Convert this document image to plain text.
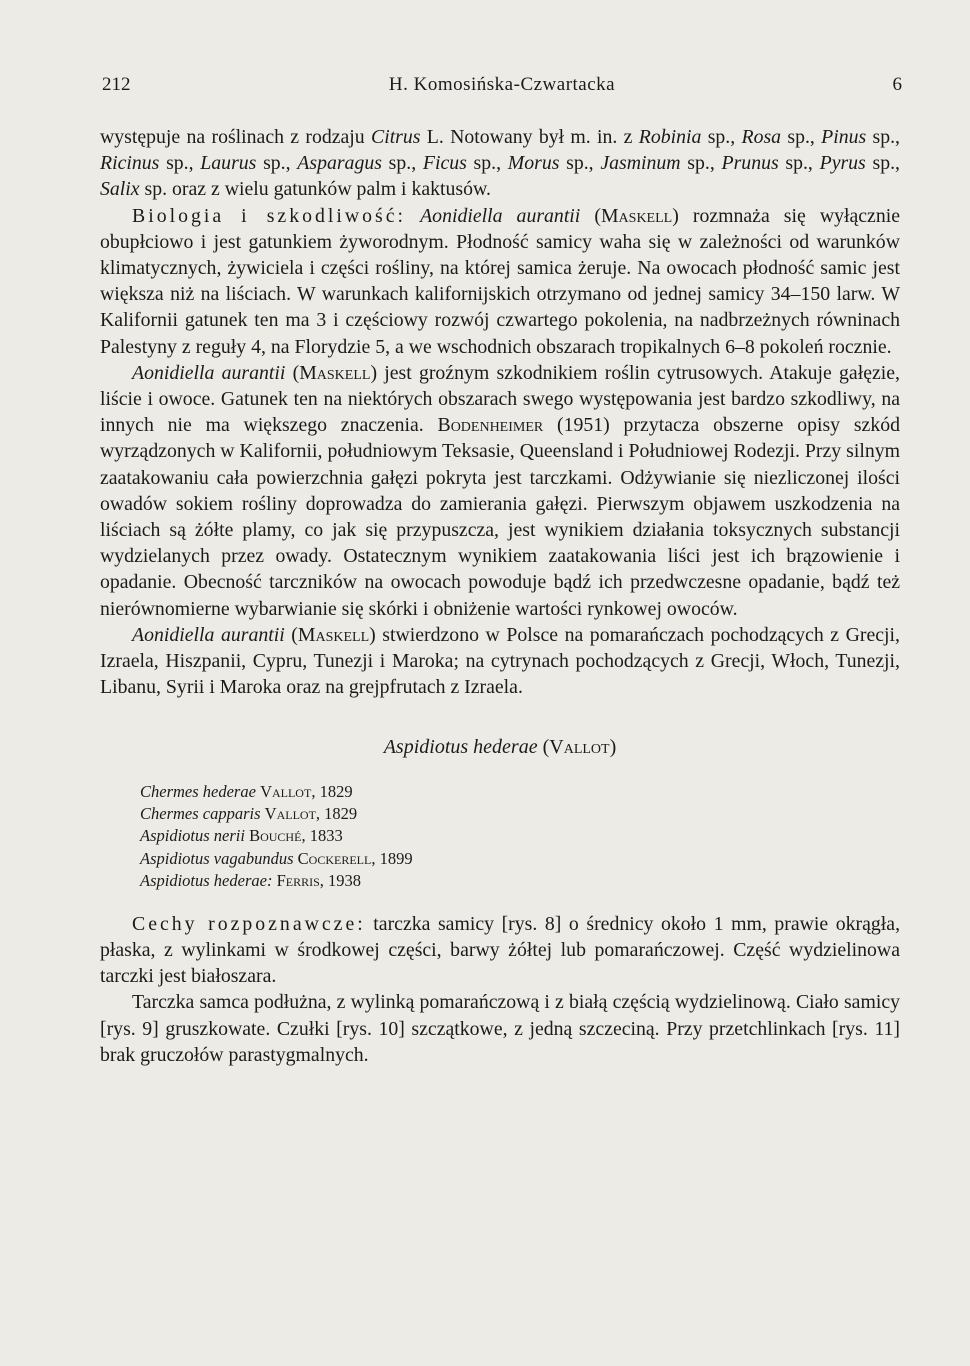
212	H. Komosińska-Czwartacka	6

występuje na roślinach z rodzaju Citrus L. Notowany był m. in. z Robinia sp., Rosa sp., Pinus sp., Ricinus sp., Laurus sp., Asparagus sp., Ficus sp., Morus sp., Jasminum sp., Prunus sp., Pyrus sp., Salix sp. oraz z wielu gatunków palm i kaktusów.

Biologia i szkodliwość: Aonidiella aurantii (Maskell) rozmnaża się wyłącznie obupłciowo i jest gatunkiem żyworodnym. Płodność samicy waha się w zależności od warunków klimatycznych, żywiciela i części rośliny, na której samica żeruje. Na owocach płodność samic jest większa niż na liściach. W warunkach kalifornijskich otrzymano od jednej samicy 34–150 larw. W Kalifornii gatunek ten ma 3 i częściowy rozwój czwartego pokolenia, na nadbrzeżnych równinach Palestyny z reguły 4, na Florydzie 5, a we wschodnich obszarach tropikalnych 6–8 pokoleń rocznie.

Aonidiella aurantii (Maskell) jest groźnym szkodnikiem roślin cytrusowych. Atakuje gałęzie, liście i owoce. Gatunek ten na niektórych obszarach swego występowania jest bardzo szkodliwy, na innych nie ma większego znaczenia. Bodenheimer (1951) przytacza obszerne opisy szkód wyrządzonych w Kalifornii, południowym Teksasie, Queensland i Południowej Rodezji. Przy silnym zaatakowaniu cała powierzchnia gałęzi pokryta jest tarczkami. Odżywianie się niezliczonej ilości owadów sokiem rośliny doprowadza do zamierania gałęzi. Pierwszym objawem uszkodzenia na liściach są żółte plamy, co jak się przypuszcza, jest wynikiem działania toksycznych substancji wydzielanych przez owady. Ostatecznym wynikiem zaatakowania liści jest ich brązowienie i opadanie. Obecność tarczników na owocach powoduje bądź ich przedwczesne opadanie, bądź też nierównomierne wybarwianie się skórki i obniżenie wartości rynkowej owoców.

Aonidiella aurantii (Maskell) stwierdzono w Polsce na pomarańczach pochodzących z Grecji, Izraela, Hiszpanii, Cypru, Tunezji i Maroka; na cytrynach pochodzących z Grecji, Włoch, Tunezji, Libanu, Syrii i Maroka oraz na grejpfrutach z Izraela.

Aspidiotus hederae (Vallot)
Chermes hederae Vallot, 1829
Chermes capparis Vallot, 1829
Aspidiotus nerii Bouché, 1833
Aspidiotus vagabundus Cockerell, 1899
Aspidiotus hederae: Ferris, 1938

Cechy rozpoznawcze: tarczka samicy [rys. 8] o średnicy około 1 mm, prawie okrągła, płaska, z wylinkami w środkowej części, barwy żółtej lub pomarańczowej. Część wydzielinowa tarczki jest białoszara.

Tarczka samca podłużna, z wylinką pomarańczową i z białą częścią wydzielinową. Ciało samicy [rys. 9] gruszkowate. Czułki [rys. 10] szczątkowe, z jedną szczeciną. Przy przetchlinkach [rys. 11] brak gruczołów parastygmalnych.
